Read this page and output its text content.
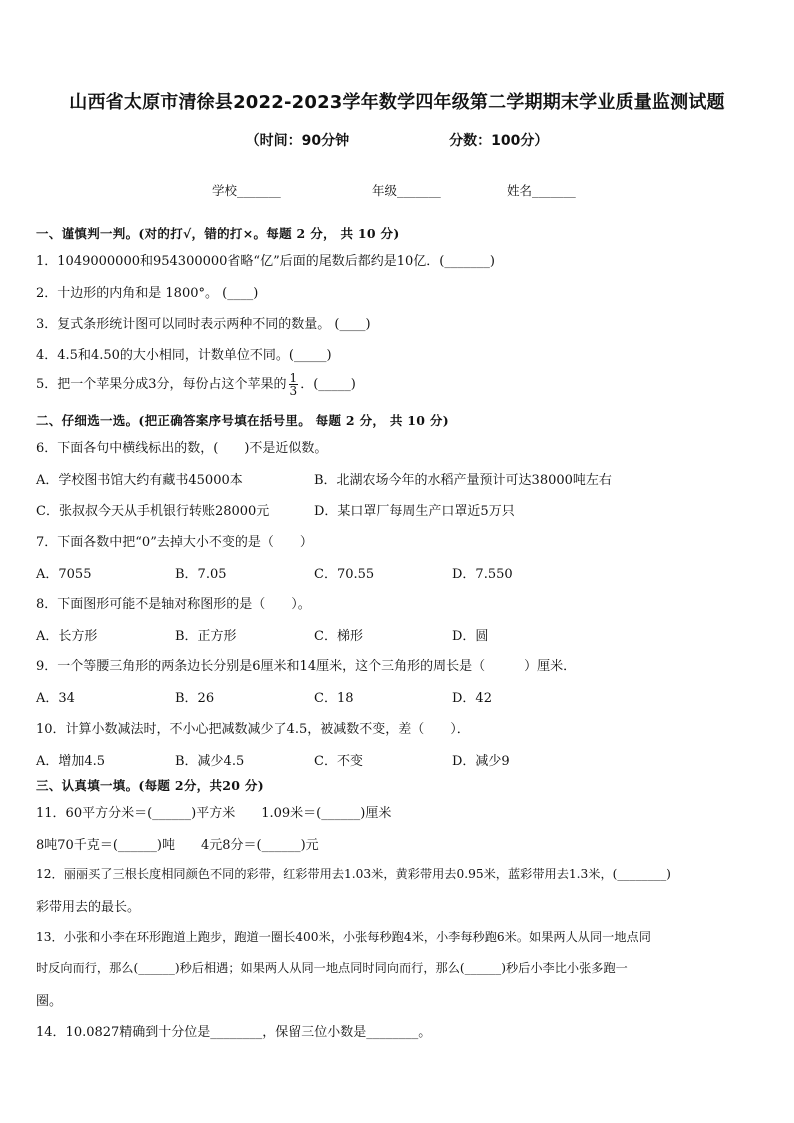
山西省太原市清徐县2022-2023学年数学四年级第二学期期末学业质量监测试题
（时间：90分钟	分数：100分）
学校_______	年级_______	姓名_______
一、谨慎判一判。(对的打√，错的打×。每题 2 分， 共 10 分)
1．1049000000和954300000省略“亿”后面的尾数后都约是10亿．(_______)
2．十边形的内角和是 1800°。 (____)
3．复式条形统计图可以同时表示两种不同的数量。 (____)
4．4.5和4.50的大小相同，计数单位不同。(_____)
5．把一个苹果分成3分，每份占这个苹果的 $\frac{1}{3}$ ．(_____)
二、仔细选一选。(把正确答案序号填在括号里。 每题 2 分， 共 10 分)
6．下面各句中横线标出的数，(　　)不是近似数。
A．学校图书馆大约有藏书45000本	B．北湖农场今年的水稻产量预计可达38000吨左右
C．张叔叔今天从手机银行转账28000元	D．某口罩厂每周生产口罩近5万只
7．下面各数中把“0”去掉大小不变的是（　　）
A．7055	B．7.05	C．70.55	D．7.550
8．下面图形可能不是轴对称图形的是（　　）。
A．长方形	B．正方形	C．梯形	D．圆
9．一个等腰三角形的两条边长分别是6厘米和14厘米，这个三角形的周长是（　　　）厘米．
A．34	B．26	C．18	D．42
10．计算小数减法时，不小心把减数减少了4.5，被减数不变，差（　　）．
A．增加4.5	B．减少4.5	C．不变	D．减少9
三、认真填一填。(每题 2分，共20 分)
11．60平方分米＝(______)平方米　　1.09米＝(______)厘米
8吨70千克＝(______)吨　　4元8分＝(______)元
12．丽丽买了三根长度相同颜色不同的彩带，红彩带用去1.03米，黄彩带用去0.95米，蓝彩带用去1.3米，(________)
彩带用去的最长。
13．小张和小李在环形跑道上跑步，跑道一圈长400米，小张每秒跑4米，小李每秒跑6米。如果两人从同一地点同
时反向而行，那么(______)秒后相遇；如果两人从同一地点同时同向而行，那么(______)秒后小李比小张多跑一
圈。
14．10.0827精确到十分位是________，保留三位小数是________。
